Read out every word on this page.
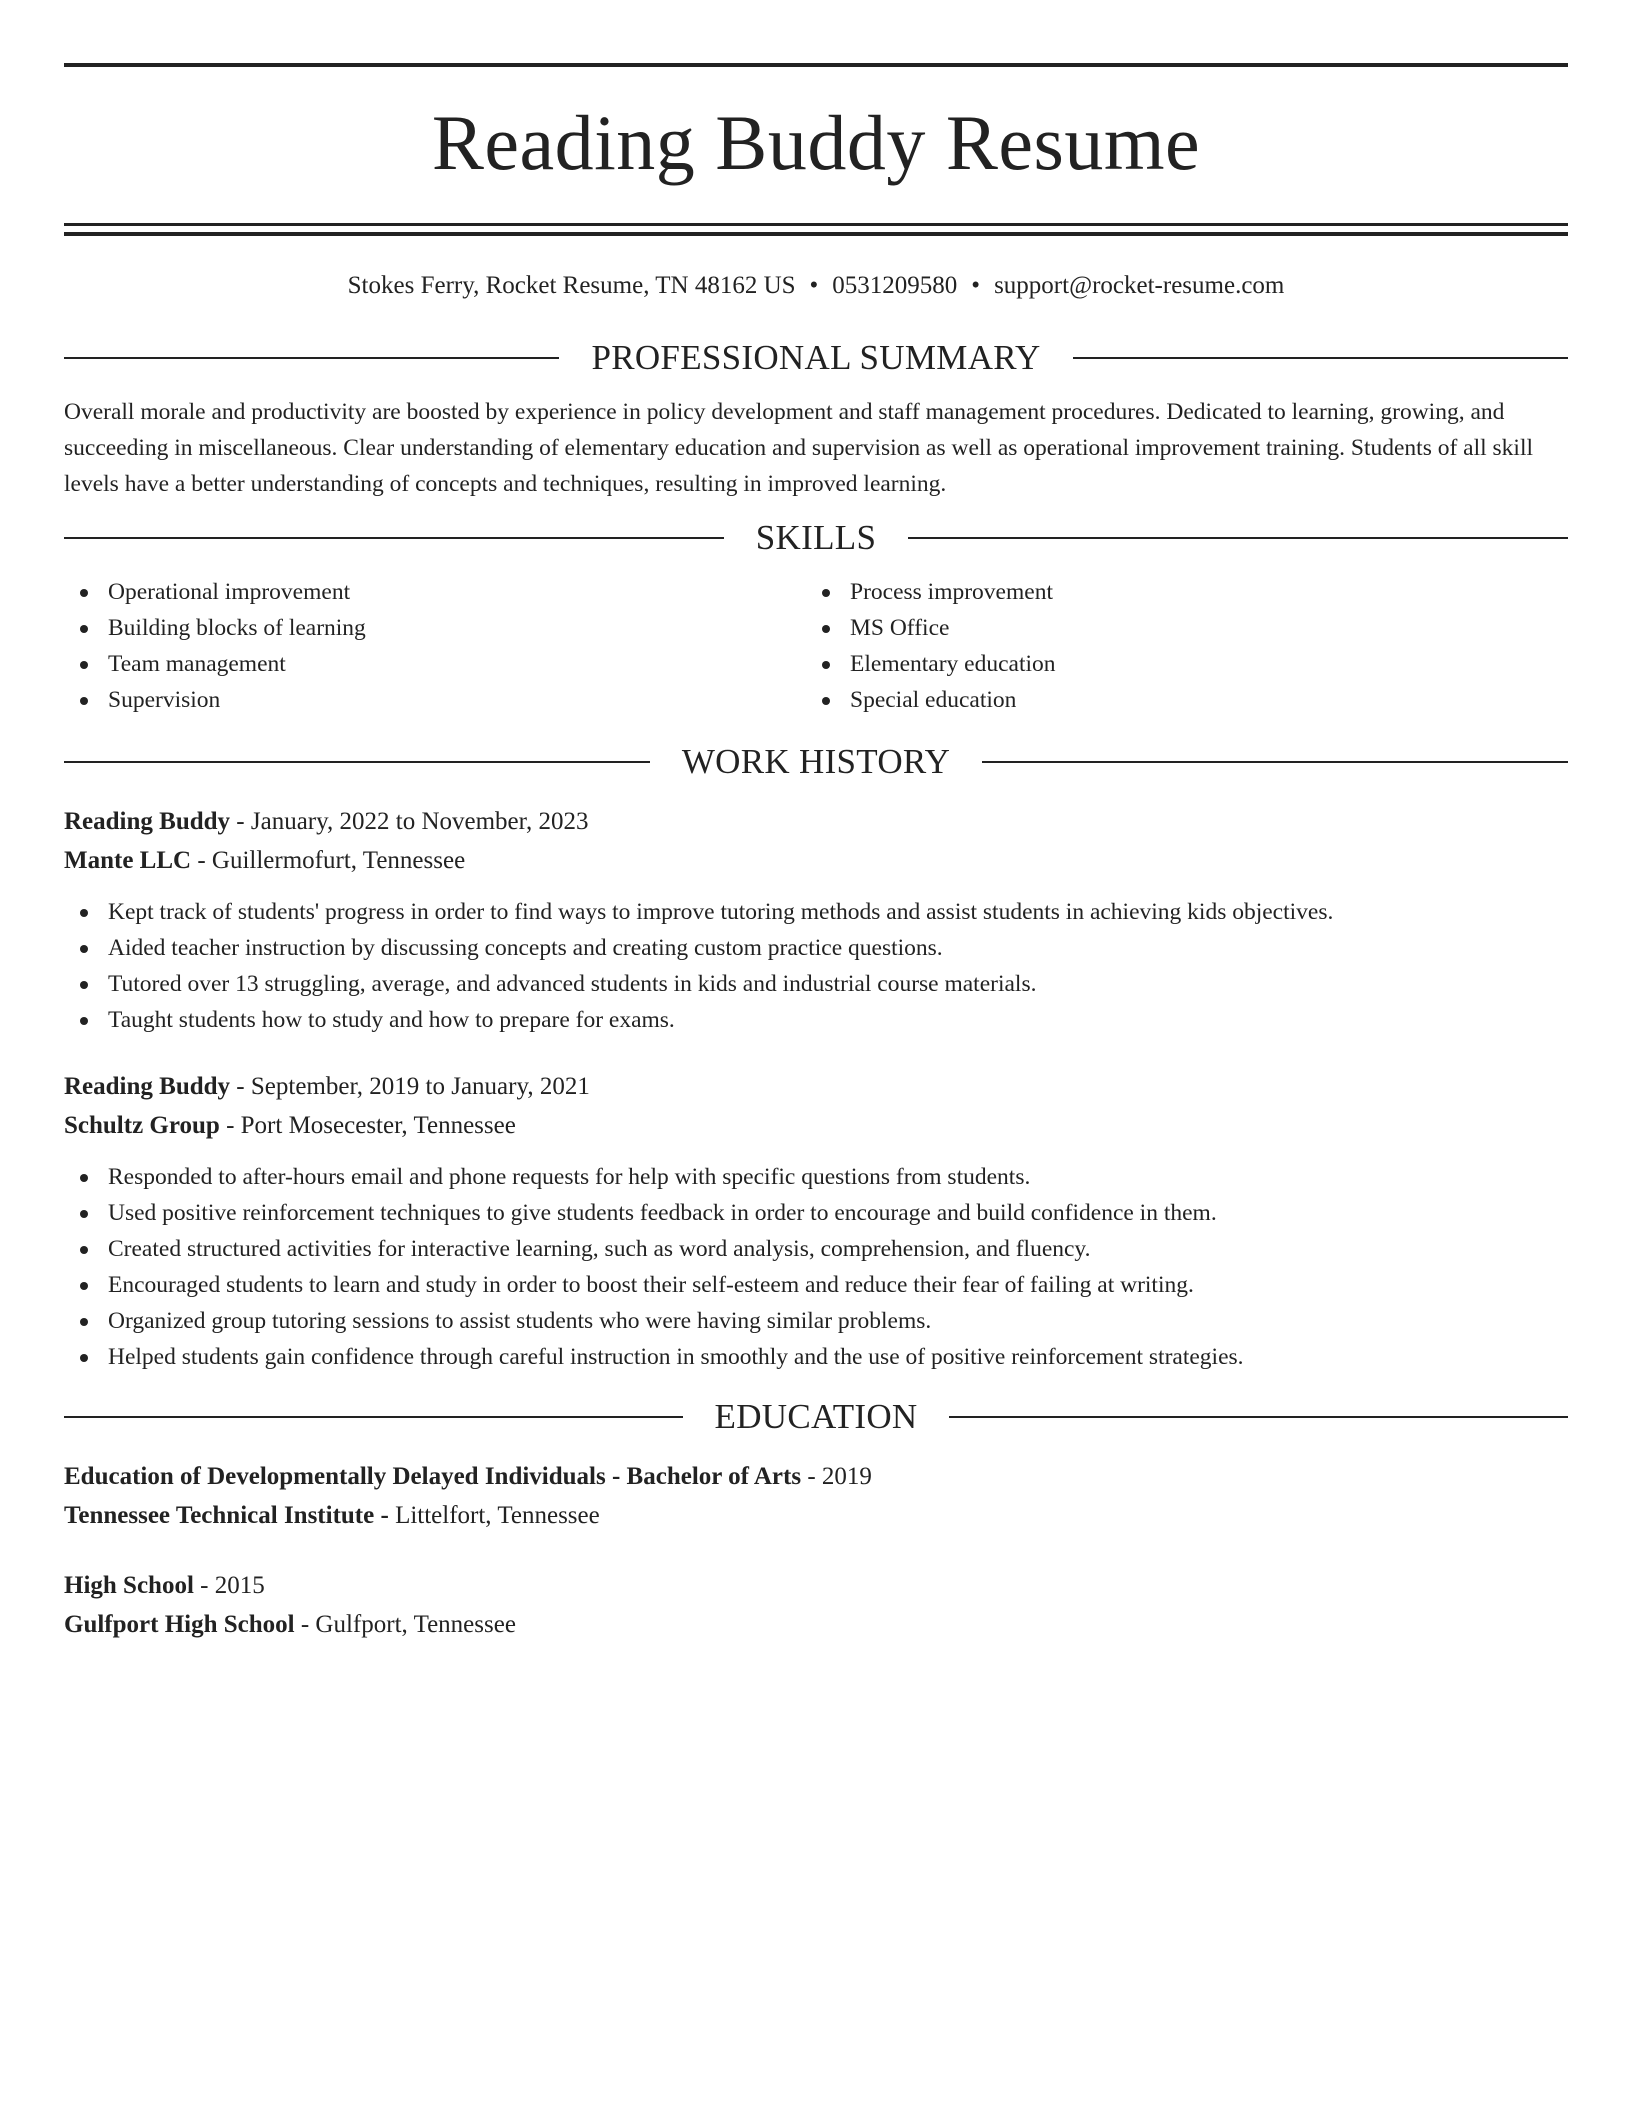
Reading Buddy Resume
Stokes Ferry, Rocket Resume, TN 48162 US • 0531209580 • support@rocket-resume.com
PROFESSIONAL SUMMARY
Overall morale and productivity are boosted by experience in policy development and staff management procedures. Dedicated to learning, growing, and succeeding in miscellaneous. Clear understanding of elementary education and supervision as well as operational improvement training. Students of all skill levels have a better understanding of concepts and techniques, resulting in improved learning.
SKILLS
Operational improvement
Building blocks of learning
Team management
Supervision
Process improvement
MS Office
Elementary education
Special education
WORK HISTORY
Reading Buddy - January, 2022 to November, 2023
Mante LLC - Guillermofurt, Tennessee
Kept track of students' progress in order to find ways to improve tutoring methods and assist students in achieving kids objectives.
Aided teacher instruction by discussing concepts and creating custom practice questions.
Tutored over 13 struggling, average, and advanced students in kids and industrial course materials.
Taught students how to study and how to prepare for exams.
Reading Buddy - September, 2019 to January, 2021
Schultz Group - Port Mosecester, Tennessee
Responded to after-hours email and phone requests for help with specific questions from students.
Used positive reinforcement techniques to give students feedback in order to encourage and build confidence in them.
Created structured activities for interactive learning, such as word analysis, comprehension, and fluency.
Encouraged students to learn and study in order to boost their self-esteem and reduce their fear of failing at writing.
Organized group tutoring sessions to assist students who were having similar problems.
Helped students gain confidence through careful instruction in smoothly and the use of positive reinforcement strategies.
EDUCATION
Education of Developmentally Delayed Individuals - Bachelor of Arts - 2019
Tennessee Technical Institute - Littelfort, Tennessee
High School - 2015
Gulfport High School - Gulfport, Tennessee
